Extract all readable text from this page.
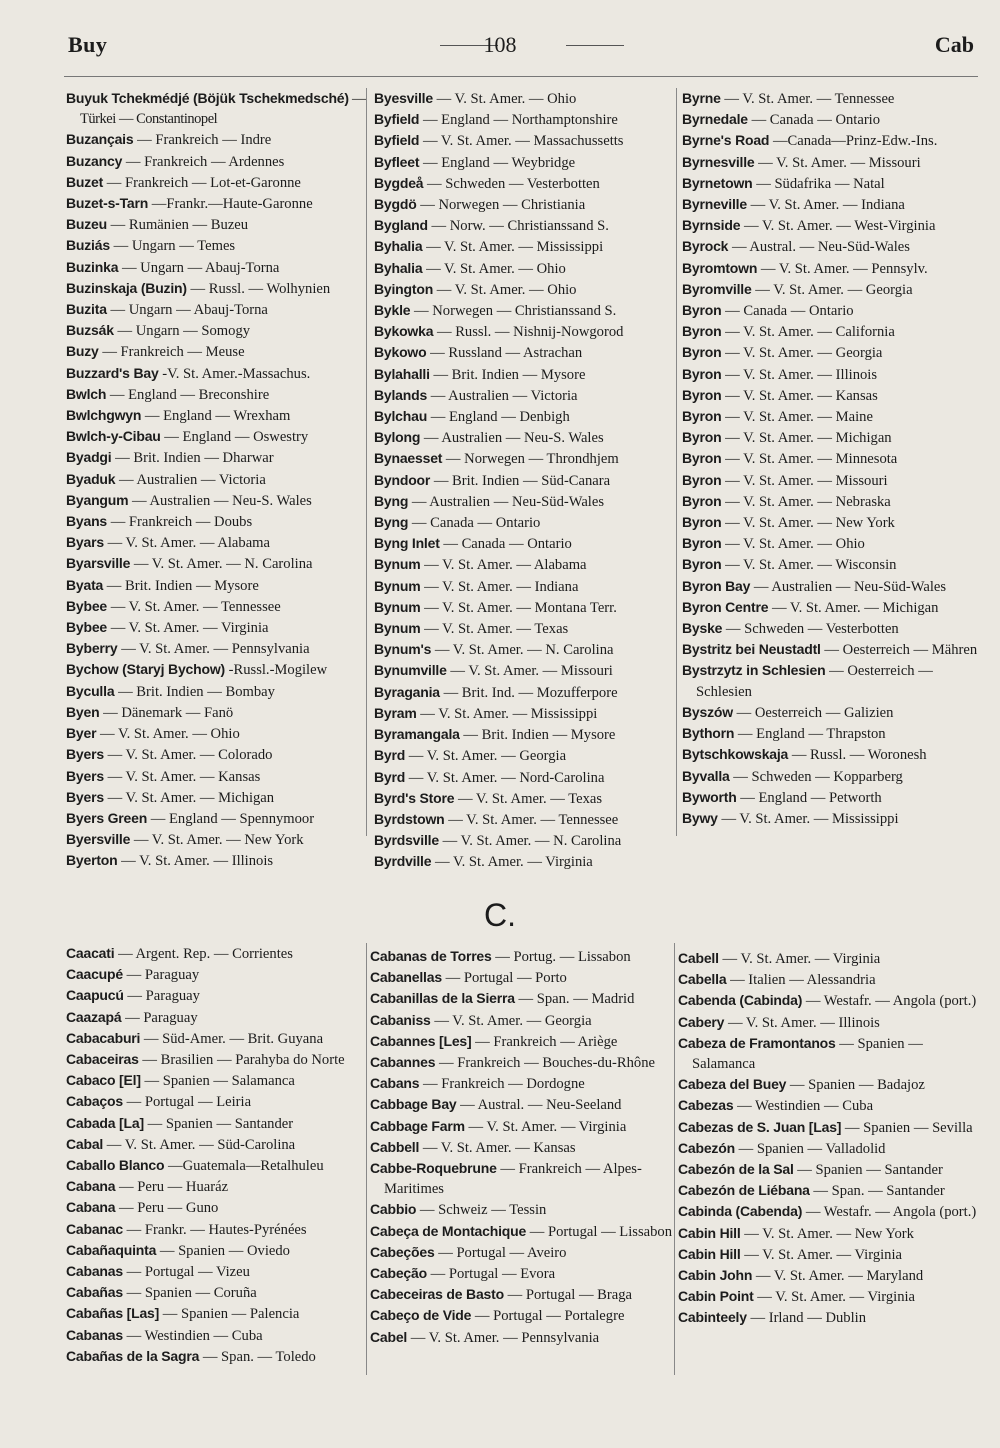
Buy	108	Cab
Buyuk Tchekmédjé (Böjük Tschekmedsché) — Türkei — Constantinopel
Buzançais — Frankreich — Indre
Buzancy — Frankreich — Ardennes
Buzet — Frankreich — Lot-et-Garonne
Buzet-s-Tarn —Frankr.—Haute-Garonne
Buzeu — Rumänien — Buzeu
Buziás — Ungarn — Temes
Buzinka — Ungarn — Abauj-Torna
Buzinskaja (Buzin) — Russl. — Wolhynien
Buzita — Ungarn — Abauj-Torna
Buzsák — Ungarn — Somogy
Buzy — Frankreich — Meuse
Buzzard's Bay -V. St. Amer.-Massachus.
Bwlch — England — Breconshire
Bwlchgwyn — England — Wrexham
Bwlch-y-Cibau — England — Oswestry
Byadgi — Brit. Indien — Dharwar
Byaduk — Australien — Victoria
Byangum — Australien — Neu-S. Wales
Byans — Frankreich — Doubs
Byars — V. St. Amer. — Alabama
Byarsville — V. St. Amer. — N. Carolina
Byata — Brit. Indien — Mysore
Bybee — V. St. Amer. — Tennessee
Bybee — V. St. Amer. — Virginia
Byberry — V. St. Amer. — Pennsylvania
Bychow (Staryj Bychow) -Russl.-Mogilew
Byculla — Brit. Indien — Bombay
Byen — Dänemark — Fanö
Byer — V. St. Amer. — Ohio
Byers — V. St. Amer. — Colorado
Byers — V. St. Amer. — Kansas
Byers — V. St. Amer. — Michigan
Byers Green — England — Spennymoor
Byersville — V. St. Amer. — New York
Byerton — V. St. Amer. — Illinois
Byesville — V. St. Amer. — Ohio
Byfield — England — Northamptonshire
Byfield — V. St. Amer. — Massachussetts
Byfleet — England — Weybridge
Bygdeå — Schweden — Vesterbotten
Bygdö — Norwegen — Christiania
Bygland — Norw. — Christianssand S.
Byhalia — V. St. Amer. — Mississippi
Byhalia — V. St. Amer. — Ohio
Byington — V. St. Amer. — Ohio
Bykle — Norwegen — Christianssand S.
Bykowka — Russl. — Nishnij-Nowgorod
Bykowo — Russland — Astrachan
Bylahalli — Brit. Indien — Mysore
Bylands — Australien — Victoria
Bylchau — England — Denbigh
Bylong — Australien — Neu-S. Wales
Bynaesset — Norwegen — Throndhjem
Byndoor — Brit. Indien — Süd-Canara
Byng — Australien — Neu-Süd-Wales
Byng — Canada — Ontario
Byng Inlet — Canada — Ontario
Bynum — V. St. Amer. — Alabama
Bynum — V. St. Amer. — Indiana
Bynum — V. St. Amer. — Montana Terr.
Bynum — V. St. Amer. — Texas
Bynum's — V. St. Amer. — N. Carolina
Bynumville — V. St. Amer. — Missouri
Byragania — Brit. Ind. — Mozufferpore
Byram — V. St. Amer. — Mississippi
Byramangala — Brit. Indien — Mysore
Byrd — V. St. Amer. — Georgia
Byrd — V. St. Amer. — Nord-Carolina
Byrd's Store — V. St. Amer. — Texas
Byrdstown — V. St. Amer. — Tennessee
Byrdsville — V. St. Amer. — N. Carolina
Byrdville — V. St. Amer. — Virginia
Byrne — V. St. Amer. — Tennessee
Byrnedale — Canada — Ontario
Byrne's Road —Canada—Prinz-Edw.-Ins.
Byrnesville — V. St. Amer. — Missouri
Byrnetown — Südafrika — Natal
Byrneville — V. St. Amer. — Indiana
Byrnside — V. St. Amer. — West-Virginia
Byrock — Austral. — Neu-Süd-Wales
Byromtown — V. St. Amer. — Pennsylv.
Byromville — V. St. Amer. — Georgia
Byron — Canada — Ontario
Byron — V. St. Amer. — California
Byron — V. St. Amer. — Georgia
Byron — V. St. Amer. — Illinois
Byron — V. St. Amer. — Kansas
Byron — V. St. Amer. — Maine
Byron — V. St. Amer. — Michigan
Byron — V. St. Amer. — Minnesota
Byron — V. St. Amer. — Missouri
Byron — V. St. Amer. — Nebraska
Byron — V. St. Amer. — New York
Byron — V. St. Amer. — Ohio
Byron — V. St. Amer. — Wisconsin
Byron Bay — Australien — Neu-Süd-Wales
Byron Centre — V. St. Amer. — Michigan
Byske — Schweden — Vesterbotten
Bystritz bei Neustadtl — Oesterreich — Mähren
Bystrzytz in Schlesien — Oesterreich — Schlesien
Byszów — Oesterreich — Galizien
Bythorn — England — Thrapston
Bytschkowskaja — Russl. — Woronesh
Byvalla — Schweden — Kopparberg
Byworth — England — Petworth
Bywy — V. St. Amer. — Mississippi
C.
Caacati — Argent. Rep. — Corrientes
Caacupé — Paraguay
Caapucú — Paraguay
Caazapá — Paraguay
Cabacaburi — Süd-Amer. — Brit. Guyana
Cabaceiras — Brasilien — Parahyba do Norte
Cabaco [El] — Spanien — Salamanca
Cabaços — Portugal — Leiria
Cabada [La] — Spanien — Santander
Cabal — V. St. Amer. — Süd-Carolina
Caballo Blanco —Guatemala—Retalhuleu
Cabana — Peru — Huaráz
Cabana — Peru — Guno
Cabanac — Frankr. — Hautes-Pyrénées
Cabañaquinta — Spanien — Oviedo
Cabanas — Portugal — Vizeu
Cabañas — Spanien — Coruña
Cabañas [Las] — Spanien — Palencia
Cabanas — Westindien — Cuba
Cabañas de la Sagra — Span. — Toledo
Cabanas de Torres — Portug. — Lissabon
Cabanellas — Portugal — Porto
Cabanillas de la Sierra — Span. — Madrid
Cabaniss — V. St. Amer. — Georgia
Cabannes [Les] — Frankreich — Ariège
Cabannes — Frankreich — Bouches-du-Rhône
Cabans — Frankreich — Dordogne
Cabbage Bay — Austral. — Neu-Seeland
Cabbage Farm — V. St. Amer. — Virginia
Cabbell — V. St. Amer. — Kansas
Cabbe-Roquebrune — Frankreich — Alpes-Maritimes
Cabbio — Schweiz — Tessin
Cabeça de Montachique — Portugal — Lissabon
Cabeções — Portugal — Aveiro
Cabeção — Portugal — Evora
Cabeceiras de Basto — Portugal — Braga
Cabeço de Vide — Portugal — Portalegre
Cabel — V. St. Amer. — Pennsylvania
Cabell — V. St. Amer. — Virginia
Cabella — Italien — Alessandria
Cabenda (Cabinda) — Westafr. — Angola (port.)
Cabery — V. St. Amer. — Illinois
Cabeza de Framontanos — Spanien — Salamanca
Cabeza del Buey — Spanien — Badajoz
Cabezas — Westindien — Cuba
Cabezas de S. Juan [Las] — Spanien — Sevilla
Cabezón — Spanien — Valladolid
Cabezón de la Sal — Spanien — Santander
Cabezón de Liébana — Span. — Santander
Cabinda (Cabenda) — Westafr. — Angola (port.)
Cabin Hill — V. St. Amer. — New York
Cabin Hill — V. St. Amer. — Virginia
Cabin John — V. St. Amer. — Maryland
Cabin Point — V. St. Amer. — Virginia
Cabinteely — Irland — Dublin
